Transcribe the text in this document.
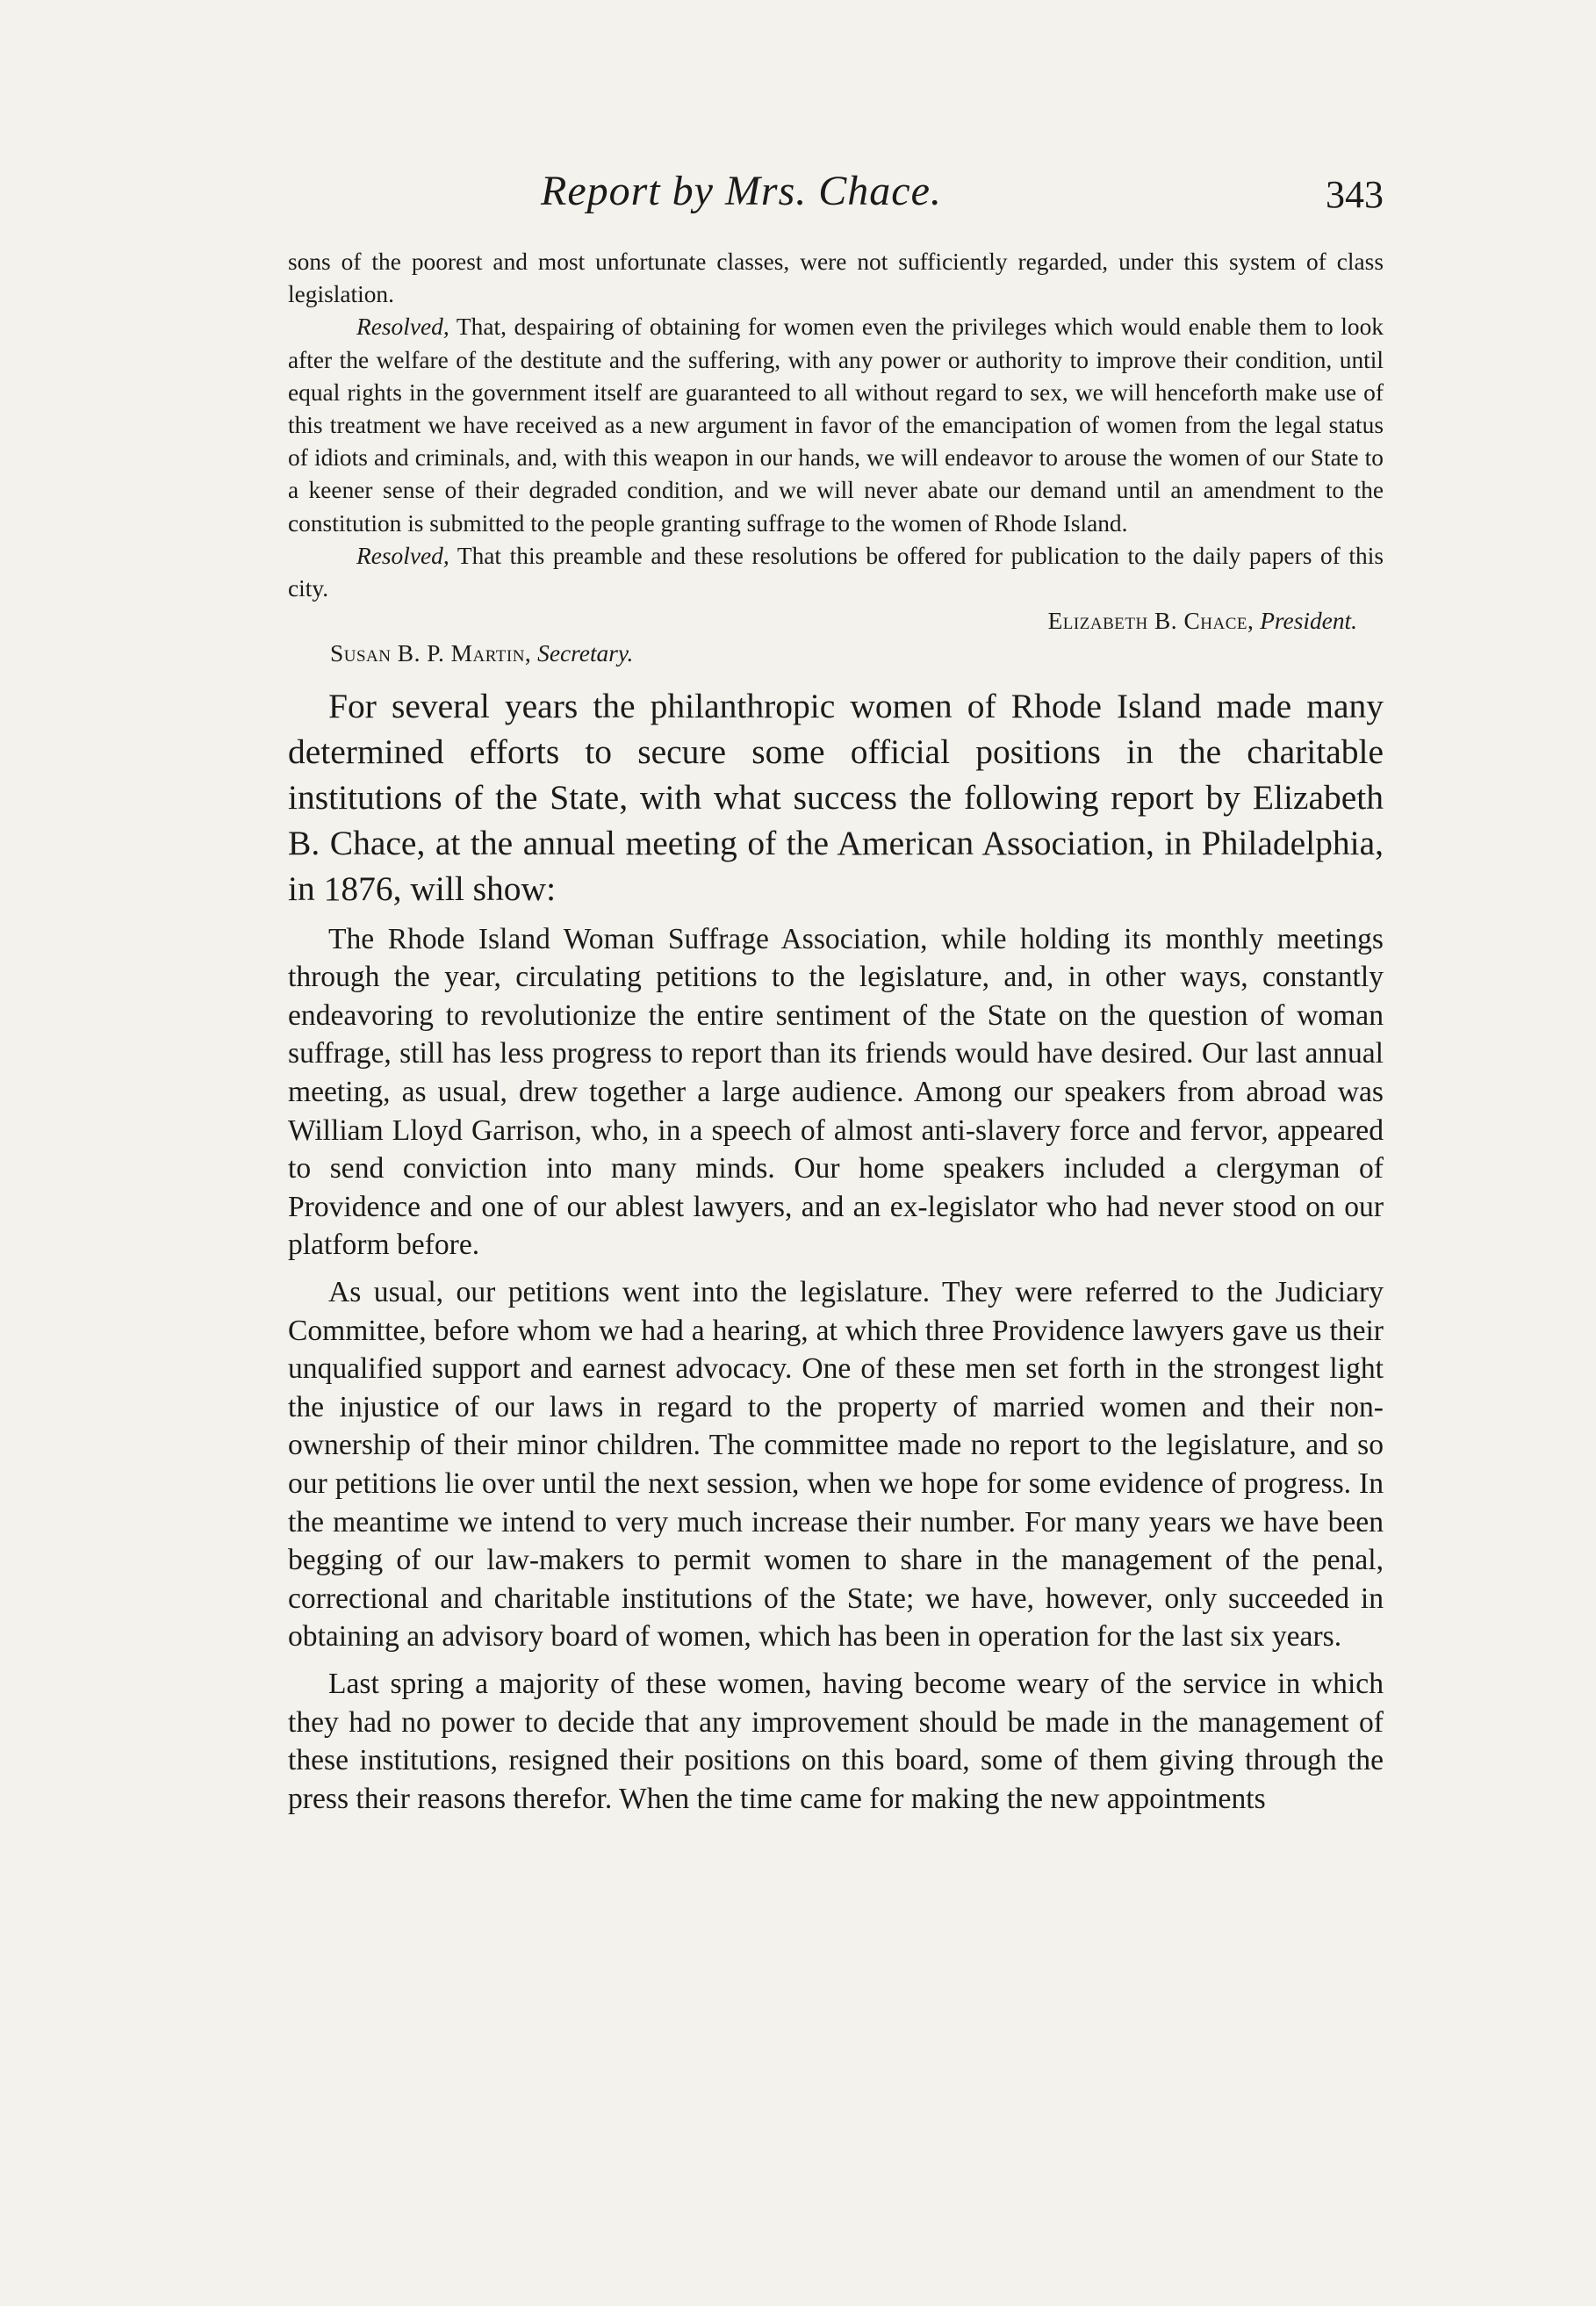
Report by Mrs. Chace.	343

sons of the poorest and most unfortunate classes, were not sufficiently regarded, under this system of class legislation.

Resolved, That, despairing of obtaining for women even the privileges which would enable them to look after the welfare of the destitute and the suffering, with any power or authority to improve their condition, until equal rights in the government itself are guaranteed to all without regard to sex, we will henceforth make use of this treatment we have received as a new argument in favor of the emancipation of women from the legal status of idiots and criminals, and, with this weapon in our hands, we will endeavor to arouse the women of our State to a keener sense of their degraded condition, and we will never abate our demand until an amendment to the constitution is submitted to the people granting suffrage to the women of Rhode Island.

Resolved, That this preamble and these resolutions be offered for publication to the daily papers of this city.

Elizabeth B. Chace, President.
Susan B. P. Martin, Secretary.

For several years the philanthropic women of Rhode Island made many determined efforts to secure some official positions in the charitable institutions of the State, with what success the following report by Elizabeth B. Chace, at the annual meeting of the American Association, in Philadelphia, in 1876, will show:

The Rhode Island Woman Suffrage Association, while holding its monthly meetings through the year, circulating petitions to the legislature, and, in other ways, constantly endeavoring to revolutionize the entire sentiment of the State on the question of woman suffrage, still has less progress to report than its friends would have desired. Our last annual meeting, as usual, drew together a large audience. Among our speakers from abroad was William Lloyd Garrison, who, in a speech of almost anti-slavery force and fervor, appeared to send conviction into many minds. Our home speakers included a clergyman of Providence and one of our ablest lawyers, and an ex-legislator who had never stood on our platform before.

As usual, our petitions went into the legislature. They were referred to the Judiciary Committee, before whom we had a hearing, at which three Providence lawyers gave us their unqualified support and earnest advocacy. One of these men set forth in the strongest light the injustice of our laws in regard to the property of married women and their non-ownership of their minor children. The committee made no report to the legislature, and so our petitions lie over until the next session, when we hope for some evidence of progress. In the meantime we intend to very much increase their number. For many years we have been begging of our law-makers to permit women to share in the management of the penal, correctional and charitable institutions of the State; we have, however, only succeeded in obtaining an advisory board of women, which has been in operation for the last six years.

Last spring a majority of these women, having become weary of the service in which they had no power to decide that any improvement should be made in the management of these institutions, resigned their positions on this board, some of them giving through the press their reasons therefor. When the time came for making the new appointments
